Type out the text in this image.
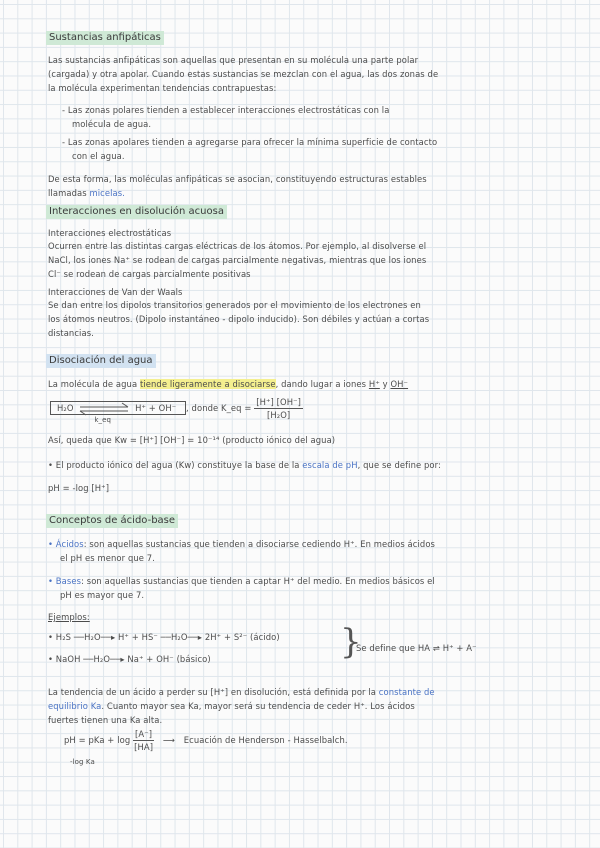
Sustancias anfipáticas
Las sustancias anfipáticas son aquellas que presentan en su molécula una parte polar
(cargada) y otra apolar. Cuando estas sustancias se mezclan con el agua, las dos zonas de
la molécula experimentan tendencias contrapuestas:
- Las zonas polares tienden a establecer interacciones electrostáticas con la
molécula de agua.
- Las zonas apolares tienden a agregarse para ofrecer la mínima superficie de contacto
con el agua.
De esta forma, las moléculas anfipáticas se asocian, constituyendo estructuras estables
llamadas micelas.
Interacciones en disolución acuosa
Interacciones electrostáticas
Ocurren entre las distintas cargas eléctricas de los átomos. Por ejemplo, al disolverse el
NaCl, los iones Na⁺ se rodean de cargas parcialmente negativas, mientras que los iones
Cl⁻ se rodean de cargas parcialmente positivas
Interacciones de Van der Waals
Se dan entre los dipolos transitorios generados por el movimiento de los electrones en
los átomos neutros. (Dipolo instantáneo - dipolo inducido). Son débiles y actúan a cortas
distancias.
Disociación del agua
La molécula de agua tiende ligeramente a disociarse, dando lugar a iones H⁺ y OH⁻
H₂O
k_eq
H⁺ + OH⁻ , donde K_eq = $\frac{[H^+] [OH^-]}{\text{[H₂O]}}$
Así, queda que Kw = [H⁺] [OH⁻] = 10⁻¹⁴ (producto iónico del agua)
• El producto iónico del agua (Kw) constituye la base de la escala de pH, que se define por:
pH = -log [H⁺]
Conceptos de ácido-base
• Ácidos: son aquellas sustancias que tienden a disociarse cediendo H⁺. En medios ácidos
el pH es menor que 7.
• Bases: son aquellas sustancias que tienden a captar H⁺ del medio. En medios básicos el
pH es mayor que 7.
Ejemplos:
• H₂S ──H₂O──▸ H⁺ + HS⁻ ──H₂O──▸ 2H⁺ + S²⁻ (ácido)
• NaOH ──H₂O──▸ Na⁺ + OH⁻ (básico)	}
Se define que HA ⇌ H⁺ + A⁻
La tendencia de un ácido a perder su [H⁺] en disolución, está definida por la constante de
equilibrio Ka. Cuanto mayor sea Ka, mayor será su tendencia de ceder H⁺. Los ácidos
fuertes tienen una Ka alta.
pH = pKa + $\log \frac{[A^-]}{[HA]}$ ⟶ Ecuación de Henderson - Hasselbalch.
-log Ka
